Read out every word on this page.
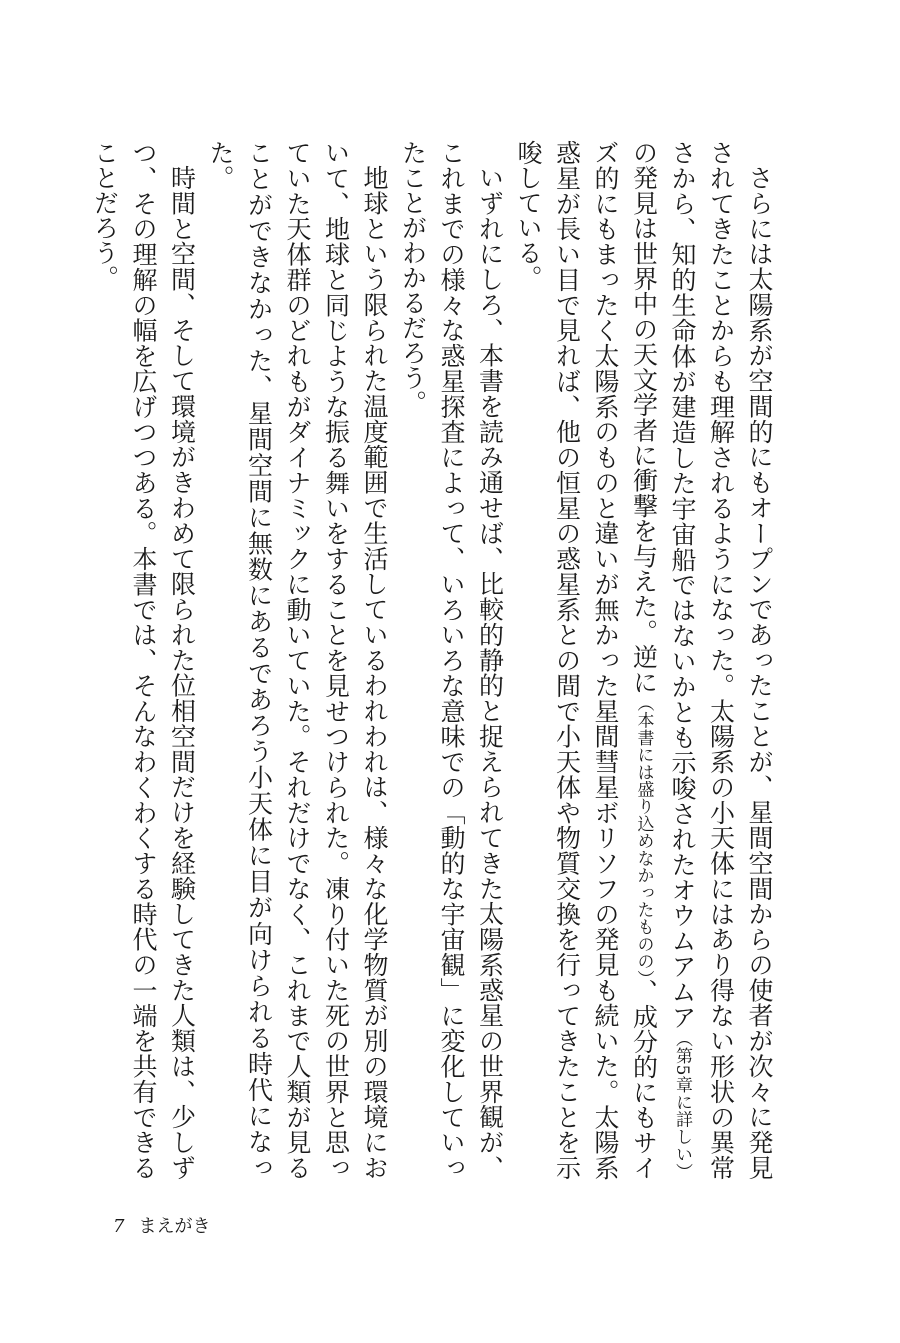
さらには太陽系が空間的にもオープンであったことが、星間空間からの使者が次々に発見されてきたことからも理解されるようになった。太陽系の小天体にはあり得ない形状の異常さから、知的生命体が建造した宇宙船ではないかとも示唆されたオウムアムア（第5章に詳しい）の発見は世界中の天文学者に衝撃を与えた。逆に（本書には盛り込めなかったものの）、成分的にもサイズ的にもまったく太陽系のものと違いが無かった星間彗星ボリソフの発見も続いた。太陽系惑星が長い目で見れば、他の恒星の惑星系との間で小天体や物質交換を行ってきたことを示唆している。

いずれにしろ、本書を読み通せば、比較的静的と捉えられてきた太陽系惑星の世界観が、これまでの様々な惑星探査によって、いろいろな意味での「動的な宇宙観」に変化していったことがわかるだろう。

地球という限られた温度範囲で生活しているわれわれは、様々な化学物質が別の環境において、地球と同じような振る舞いをすることを見せつけられた。凍り付いた死の世界と思っていた天体群のどれもがダイナミックに動いていた。それだけでなく、これまで人類が見ることができなかった、星間空間に無数にあるであろう小天体に目が向けられる時代になった。

時間と空間、そして環境がきわめて限られた位相空間だけを経験してきた人類は、少しずつ、その理解の幅を広げつつある。本書では、そんなわくわくする時代の一端を共有できることだろう。

7 まえがき
